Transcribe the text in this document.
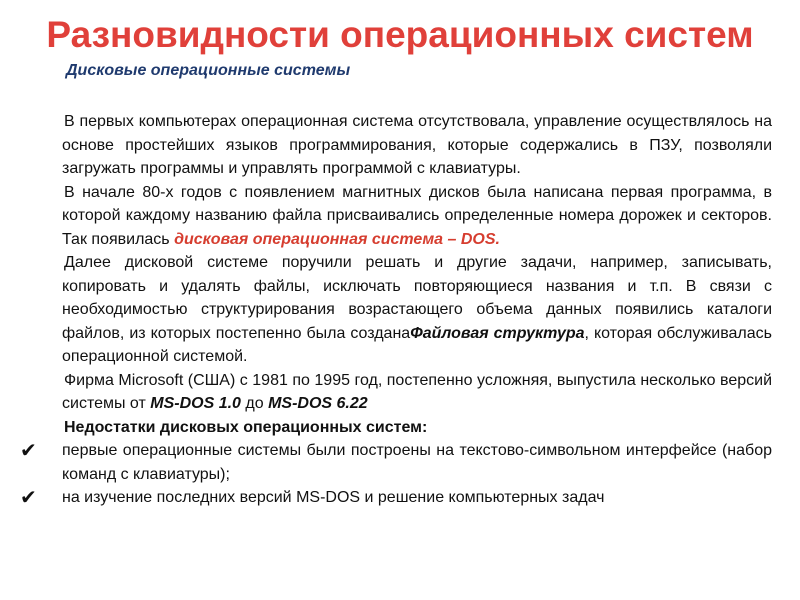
Разновидности операционных систем

Дисковые операционные системы

В первых компьютерах операционная система отсутствовала, управление осуществлялось на основе простейших языков программирования, которые содержались в ПЗУ, позволяли загружать программы и управлять программой с клавиатуры.

В начале 80-х годов с появлением магнитных дисков была написана первая программа, в которой каждому названию файла присваивались определенные номера дорожек и секторов. Так появилась дисковая операционная система – DOS.

Далее дисковой системе поручили решать и другие задачи, например, записывать, копировать и удалять файлы, исключать повторяющиеся названия и т.п. В связи с необходимостью структурирования возрастающего объема данных появились каталоги файлов, из которых постепенно была созданаФайловая структура, которая обслуживалась операционной системой.

Фирма Microsoft (США) с 1981 по 1995 год, постепенно усложняя, выпустила несколько версий системы от MS-DOS 1.0 до MS-DOS 6.22

Недостатки дисковых операционных систем:

✔ первые операционные системы были построены на текстово-символьном интерфейсе (набор команд с клавиатуры);
✔ на изучение последних версий MS-DOS и решение компьютерных задач
